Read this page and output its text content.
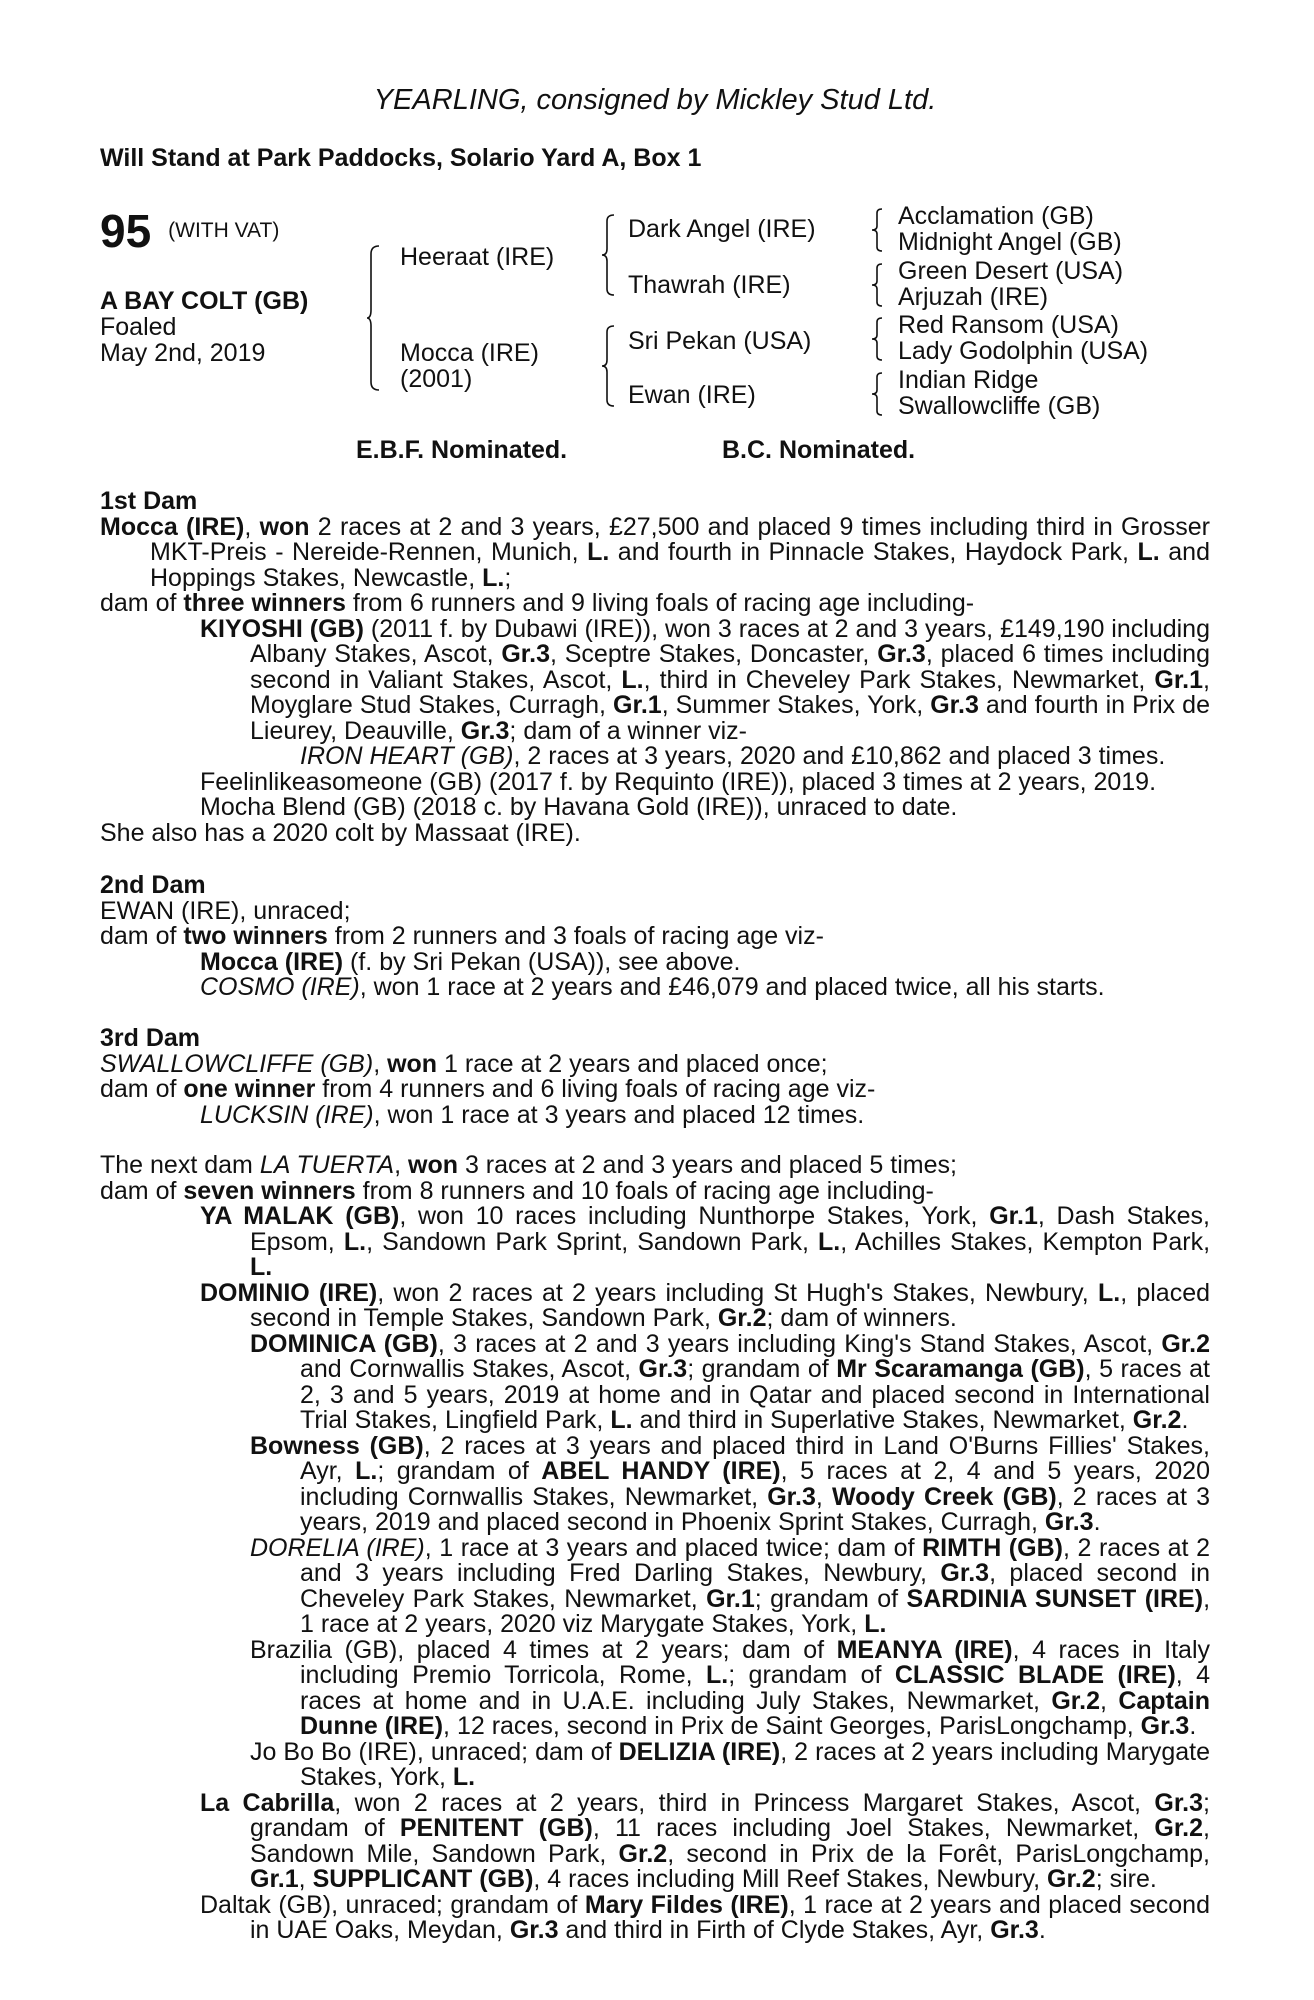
YEARLING, consigned by Mickley Stud Ltd.
Will Stand at Park Paddocks, Solario Yard A, Box 1
95 $^{(WITH VAT)}$
A BAY COLT (GB)
Foaled
May 2nd, 2019
Heeraat (IRE)
Mocca (IRE)
(2001)
Dark Angel (IRE)
Thawrah (IRE)
Sri Pekan (USA)
Ewan (IRE)
Acclamation (GB)
Midnight Angel (GB)
Green Desert (USA)
Arjuzah (IRE)
Red Ransom (USA)
Lady Godolphin (USA)
Indian Ridge
Swallowcliffe (GB)
E.B.F. Nominated.	B.C. Nominated.
1st Dam
Mocca (IRE), won 2 races at 2 and 3 years, £27,500 and placed 9 times including third in Grosser MKT-Preis - Nereide-Rennen, Munich, L. and fourth in Pinnacle Stakes, Haydock Park, L. and Hoppings Stakes, Newcastle, L.;
dam of three winners from 6 runners and 9 living foals of racing age including-
KIYOSHI (GB) (2011 f. by Dubawi (IRE)), won 3 races at 2 and 3 years, £149,190 including Albany Stakes, Ascot, Gr.3, Sceptre Stakes, Doncaster, Gr.3, placed 6 times including second in Valiant Stakes, Ascot, L., third in Cheveley Park Stakes, Newmarket, Gr.1, Moyglare Stud Stakes, Curragh, Gr.1, Summer Stakes, York, Gr.3 and fourth in Prix de Lieurey, Deauville, Gr.3; dam of a winner viz-
IRON HEART (GB), 2 races at 3 years, 2020 and £10,862 and placed 3 times.
Feelinlikeasomeone (GB) (2017 f. by Requinto (IRE)), placed 3 times at 2 years, 2019.
Mocha Blend (GB) (2018 c. by Havana Gold (IRE)), unraced to date.
She also has a 2020 colt by Massaat (IRE).
2nd Dam
EWAN (IRE), unraced;
dam of two winners from 2 runners and 3 foals of racing age viz-
Mocca (IRE) (f. by Sri Pekan (USA)), see above.
COSMO (IRE), won 1 race at 2 years and £46,079 and placed twice, all his starts.
3rd Dam
SWALLOWCLIFFE (GB), won 1 race at 2 years and placed once;
dam of one winner from 4 runners and 6 living foals of racing age viz-
LUCKSIN (IRE), won 1 race at 3 years and placed 12 times.
The next dam LA TUERTA, won 3 races at 2 and 3 years and placed 5 times;
dam of seven winners from 8 runners and 10 foals of racing age including-
YA MALAK (GB), won 10 races including Nunthorpe Stakes, York, Gr.1, Dash Stakes, Epsom, L., Sandown Park Sprint, Sandown Park, L., Achilles Stakes, Kempton Park, L.
DOMINIO (IRE), won 2 races at 2 years including St Hugh's Stakes, Newbury, L., placed second in Temple Stakes, Sandown Park, Gr.2; dam of winners.
DOMINICA (GB), 3 races at 2 and 3 years including King's Stand Stakes, Ascot, Gr.2 and Cornwallis Stakes, Ascot, Gr.3; grandam of Mr Scaramanga (GB), 5 races at 2, 3 and 5 years, 2019 at home and in Qatar and placed second in International Trial Stakes, Lingfield Park, L. and third in Superlative Stakes, Newmarket, Gr.2.
Bowness (GB), 2 races at 3 years and placed third in Land O'Burns Fillies' Stakes, Ayr, L.; grandam of ABEL HANDY (IRE), 5 races at 2, 4 and 5 years, 2020 including Cornwallis Stakes, Newmarket, Gr.3, Woody Creek (GB), 2 races at 3 years, 2019 and placed second in Phoenix Sprint Stakes, Curragh, Gr.3.
DORELIA (IRE), 1 race at 3 years and placed twice; dam of RIMTH (GB), 2 races at 2 and 3 years including Fred Darling Stakes, Newbury, Gr.3, placed second in Cheveley Park Stakes, Newmarket, Gr.1; grandam of SARDINIA SUNSET (IRE), 1 race at 2 years, 2020 viz Marygate Stakes, York, L.
Brazilia (GB), placed 4 times at 2 years; dam of MEANYA (IRE), 4 races in Italy including Premio Torricola, Rome, L.; grandam of CLASSIC BLADE (IRE), 4 races at home and in U.A.E. including July Stakes, Newmarket, Gr.2, Captain Dunne (IRE), 12 races, second in Prix de Saint Georges, ParisLongchamp, Gr.3.
Jo Bo Bo (IRE), unraced; dam of DELIZIA (IRE), 2 races at 2 years including Marygate Stakes, York, L.
La Cabrilla, won 2 races at 2 years, third in Princess Margaret Stakes, Ascot, Gr.3; grandam of PENITENT (GB), 11 races including Joel Stakes, Newmarket, Gr.2, Sandown Mile, Sandown Park, Gr.2, second in Prix de la Forêt, ParisLongchamp, Gr.1, SUPPLICANT (GB), 4 races including Mill Reef Stakes, Newbury, Gr.2; sire.
Daltak (GB), unraced; grandam of Mary Fildes (IRE), 1 race at 2 years and placed second in UAE Oaks, Meydan, Gr.3 and third in Firth of Clyde Stakes, Ayr, Gr.3.
